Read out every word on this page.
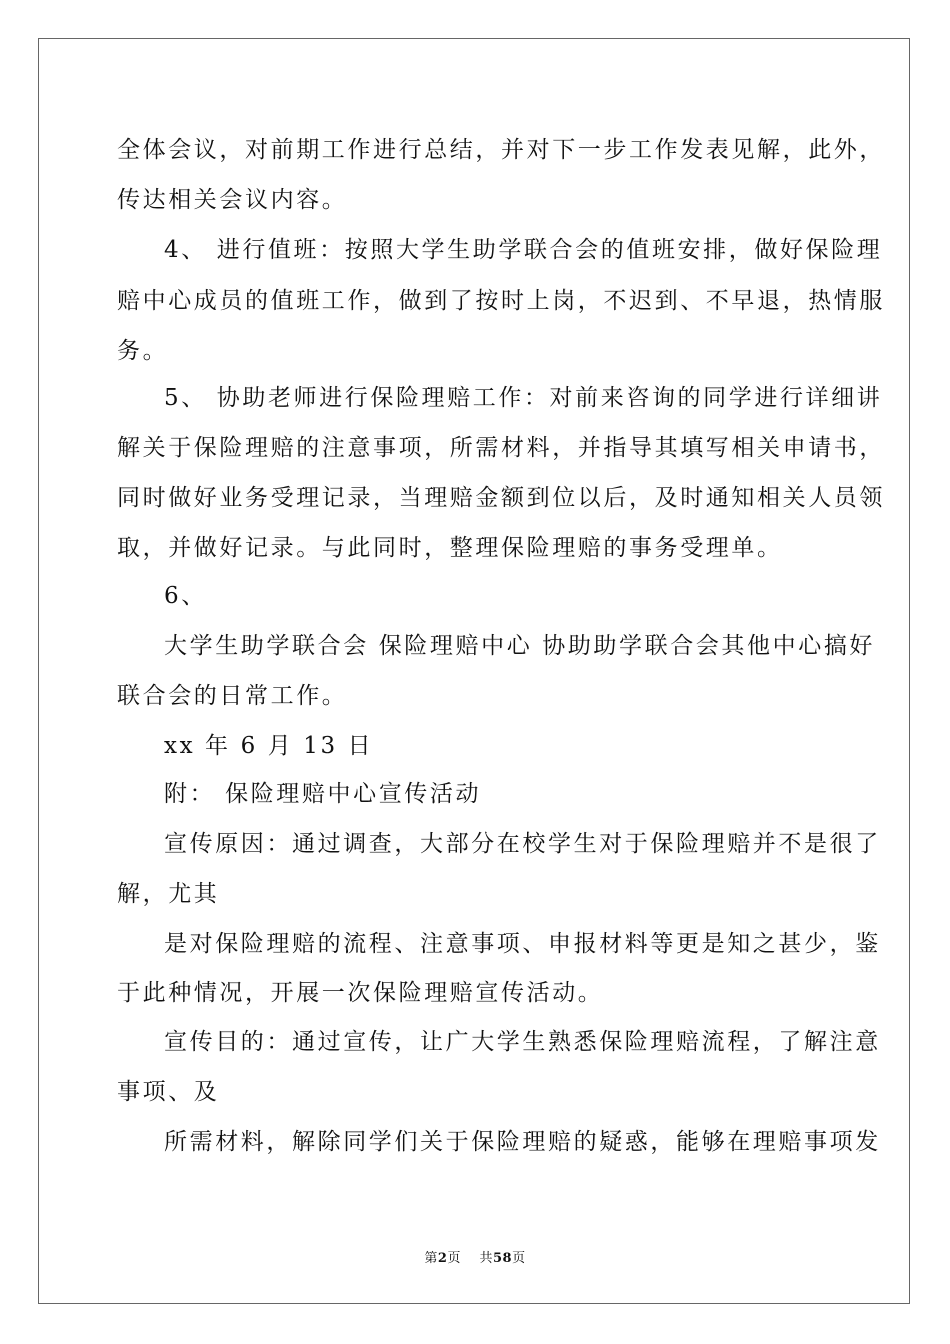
全体会议，对前期工作进行总结，并对下一步工作发表见解，此外，
传达相关会议内容。
4、 进行值班：按照大学生助学联合会的值班安排，做好保险理
赔中心成员的值班工作，做到了按时上岗，不迟到、不早退，热情服
务。
5、 协助老师进行保险理赔工作：对前来咨询的同学进行详细讲
解关于保险理赔的注意事项，所需材料，并指导其填写相关申请书，
同时做好业务受理记录，当理赔金额到位以后，及时通知相关人员领
取，并做好记录。与此同时，整理保险理赔的事务受理单。
6、
大学生助学联合会 保险理赔中心 协助助学联合会其他中心搞好
联合会的日常工作。
xx 年 6 月 13 日
附： 保险理赔中心宣传活动
宣传原因：通过调查，大部分在校学生对于保险理赔并不是很了
解，尤其
是对保险理赔的流程、注意事项、申报材料等更是知之甚少，鉴
于此种情况，开展一次保险理赔宣传活动。
宣传目的：通过宣传，让广大学生熟悉保险理赔流程，了解注意
事项、及
所需材料，解除同学们关于保险理赔的疑惑，能够在理赔事项发
第2页    共58页
